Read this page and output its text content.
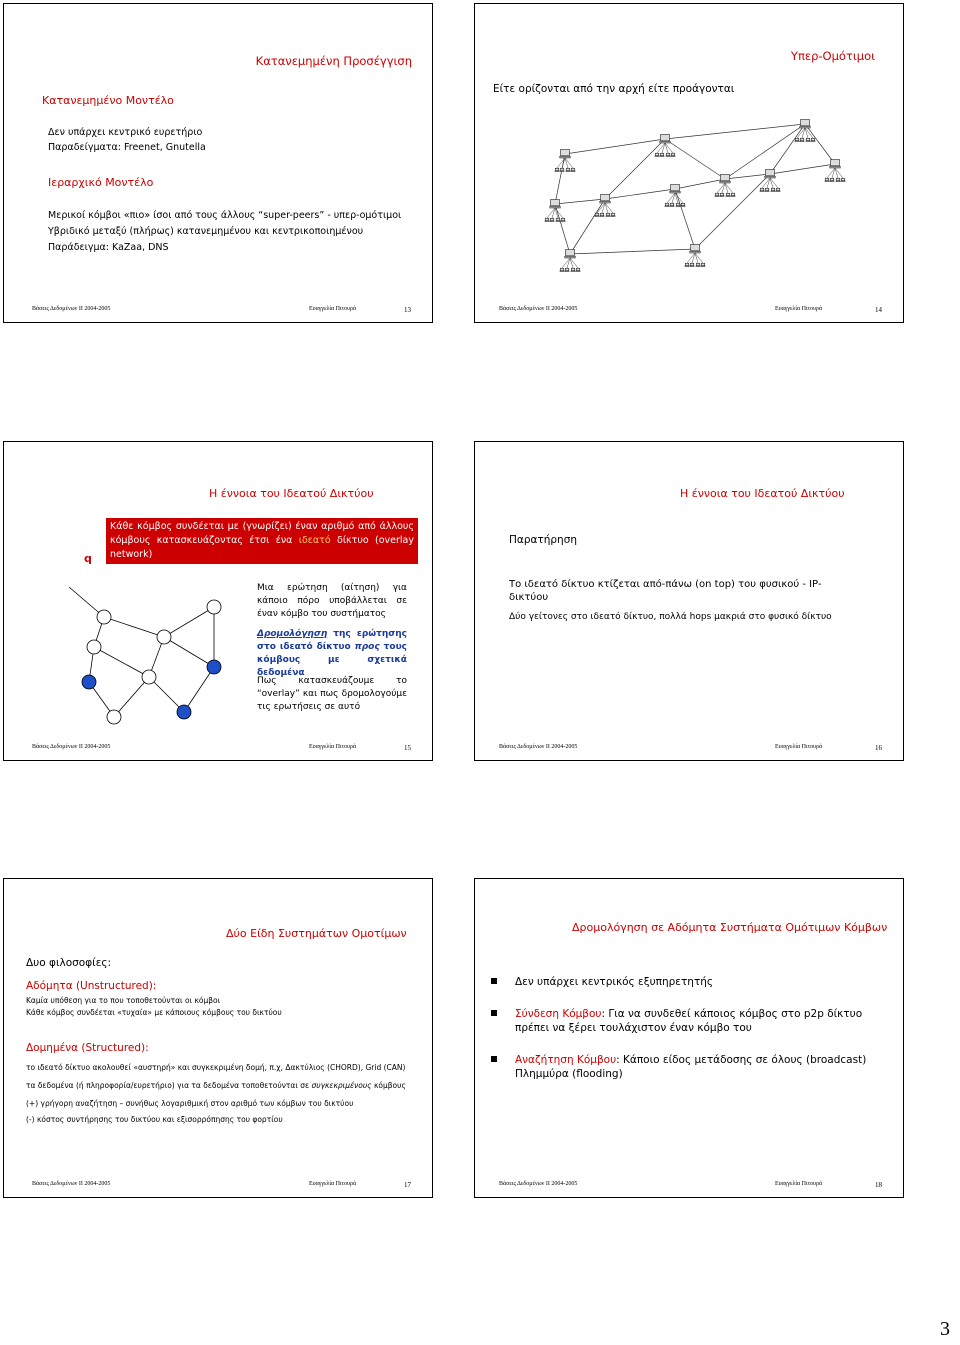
Κατανεμημένη Προσέγγιση
Κατανεμημένο Μοντέλο
Δεν υπάρχει κεντρικό ευρετήριο
Παραδείγματα: Freenet, Gnutella
Ιεραρχικό Μοντέλο
Μερικοί κόμβοι «πιο» ίσοι από τους άλλους “super-peers” - υπερ-ομότιμοι
Υβριδικό μεταξύ (πλήρως) κατανεμημένου και κεντρικοποιημένου
Παράδειγμα: KaZaa, DNS
Βάσεις Δεδομένων ΙΙ 2004-2005	Ευαγγελία Πιτουρά	13
Υπερ-Ομότιμοι
Είτε ορίζονται από την αρχή είτε προάγονται
Βάσεις Δεδομένων ΙΙ 2004-2005	Ευαγγελία Πιτουρά	14
Η έννοια του Ιδεατού Δικτύου
q
Κάθε κόμβος συνδέεται με (γνωρίζει) έναν αριθμό από άλλους κόμβους κατασκευάζοντας έτσι ένα ιδεατό δίκτυο (overlay network)
Μια ερώτηση (αίτηση) για κάποιο πόρο υποβάλλεται σε έναν κόμβο του συστήματος
Δρομολόγηση της ερώτησης στο ιδεατό δίκτυο προς τους κόμβους με σχετικά δεδομένα
Πως κατασκευάζουμε το “overlay” και πως δρομολογούμε τις ερωτήσεις σε αυτό
Βάσεις Δεδομένων ΙΙ 2004-2005	Ευαγγελία Πιτουρά	15
Η έννοια του Ιδεατού Δικτύου
Παρατήρηση
Το ιδεατό δίκτυο κτίζεται από-πάνω (on top) του φυσικού - IP-δικτύου
Δύο γείτονες στο ιδεατό δίκτυο, πολλά hops μακριά στο φυσικό δίκτυο
Βάσεις Δεδομένων ΙΙ 2004-2005	Ευαγγελία Πιτουρά	16
Δύο Είδη Συστημάτων Ομοτίμων
Δυο φιλοσοφίες:
Αδόμητα (Unstructured):
Καμία υπόθεση για το που τοποθετούνται οι κόμβοι
Κάθε κόμβος συνδέεται «τυχαία» με κάποιους κόμβους του δικτύου
Δομημένα (Structured):
το ιδεατό δίκτυο ακολουθεί «αυστηρή» και συγκεκριμένη δομή, π.χ, Δακτύλιος (CHORD), Grid (CAN)
τα δεδομένα (ή πληροφορία/ευρετήριο) για τα δεδομένα τοποθετούνται σε συγκεκριμένους κόμβους
(+) γρήγορη αναζήτηση – συνήθως λογαριθμική στον αριθμό των κόμβων του δικτύου
(-) κόστος συντήρησης του δικτύου και εξισορρόπησης του φορτίου
Βάσεις Δεδομένων ΙΙ 2004-2005	Ευαγγελία Πιτουρά	17
Δρομολόγηση σε Αδόμητα Συστήματα Ομότιμων Κόμβων
Δεν υπάρχει κεντρικός εξυπηρετητής
Σύνδεση Κόμβου: Για να συνδεθεί κάποιος κόμβος στο p2p δίκτυο πρέπει να ξέρει τουλάχιστον έναν κόμβο του
Αναζήτηση Κόμβου: Κάποιο είδος μετάδοσης σε όλους (broadcast)
Πλημμύρα (flooding)
Βάσεις Δεδομένων ΙΙ 2004-2005	Ευαγγελία Πιτουρά	18
3
